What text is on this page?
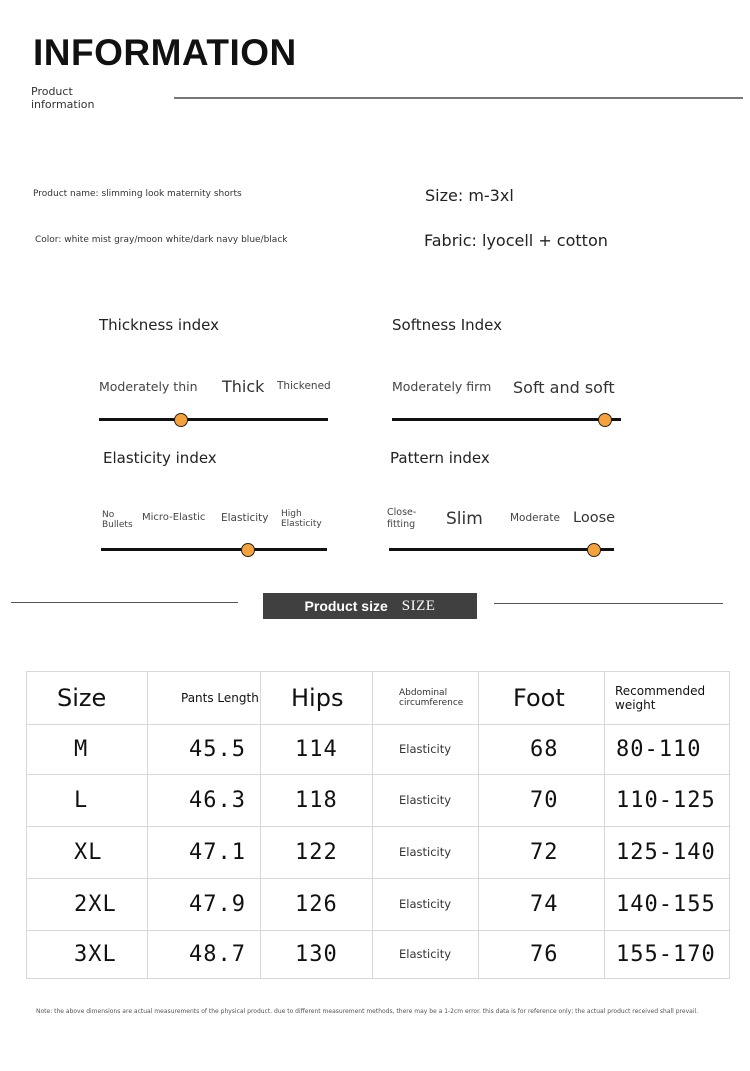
INFORMATION
Product information
Product name: slimming look maternity shorts
Color: white mist gray/moon white/dark navy blue/black
Size: m-3xl
Fabric: lyocell + cotton
Thickness index
Moderately thin Thick Thickened
Softness Index
Moderately firm Soft and soft
Elasticity index
No Bullets
Micro-Elastic Elasticity High Elasticity
Pattern index
Close-fitting	Slim	Moderate Loose
Product size SIZE
Size	Pants Length	Hips	Abdominal circumference	Foot	Recommended weight
M	45.5	114	Elasticity	68	80-110
L	46.3	118	Elasticity	70	110-125
XL	47.1	122	Elasticity	72	125-140
2XL	47.9	126	Elasticity	74	140-155
3XL	48.7	130	Elasticity	76	155-170
Note: the above dimensions are actual measurements of the physical product. due to different measurement methods, there may be a 1-2cm error. this data is for reference only; the actual product received shall prevail.
